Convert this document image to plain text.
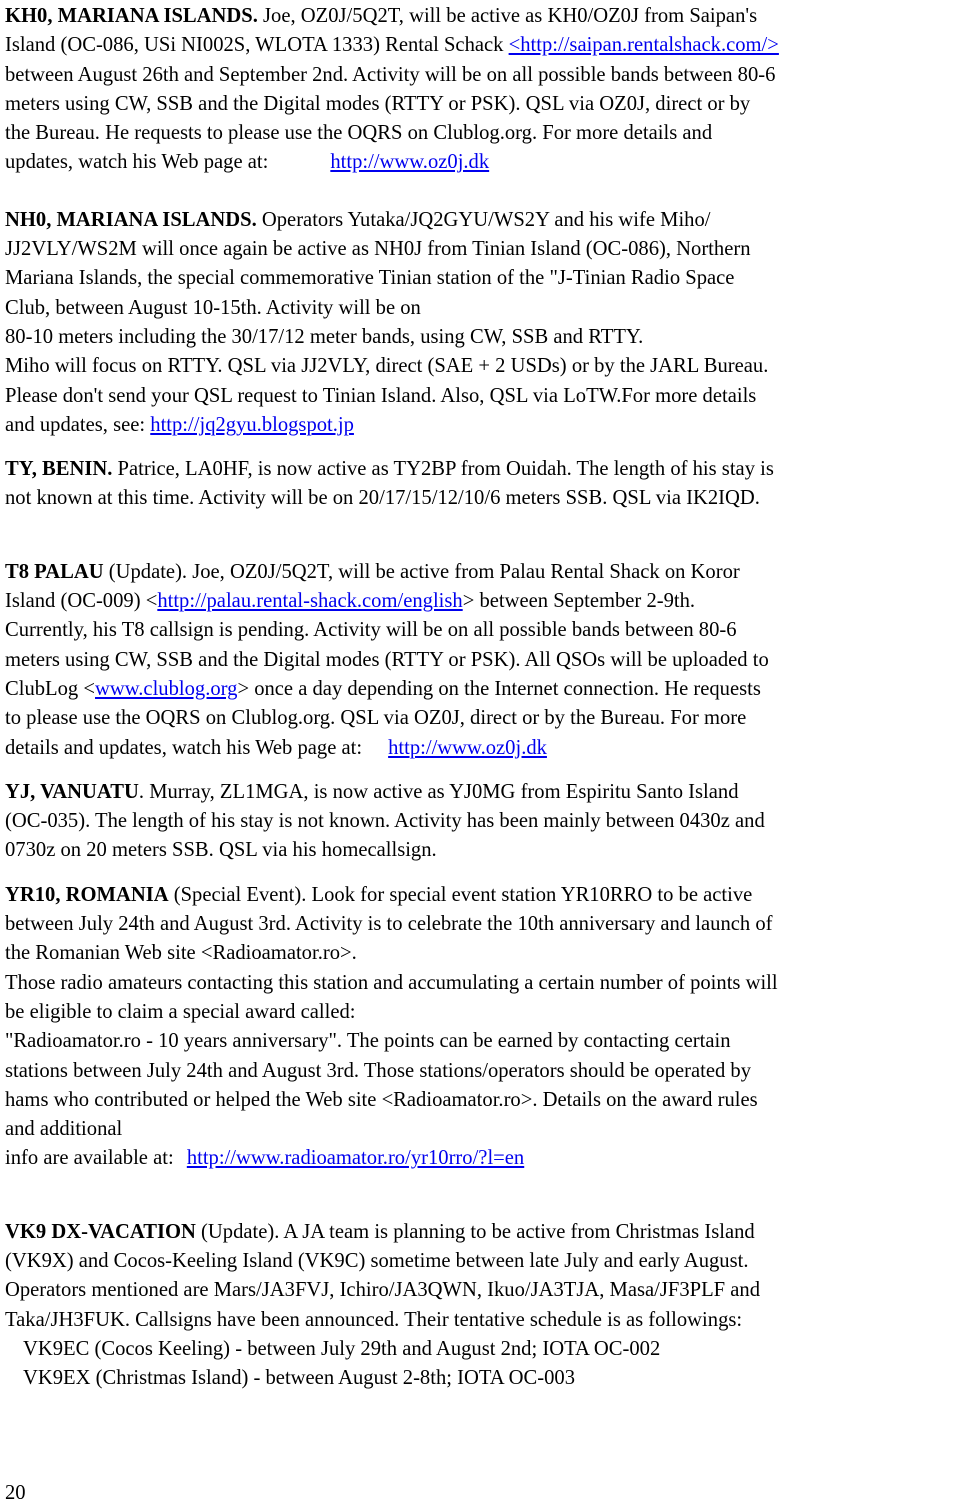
KH0, MARIANA ISLANDS. Joe, OZ0J/5Q2T, will be active as KH0/OZ0J from Saipan's
Island (OC-086, USi NI002S, WLOTA 1333) Rental Schack <http://saipan.rentalshack.com/>
between August 26th and September 2nd. Activity will be on all possible bands between 80-6
meters using CW, SSB and the Digital modes (RTTY or PSK). QSL via OZ0J, direct or by
the Bureau. He requests to please use the OQRS on Clublog.org. For more details and
updates, watch his Web page at:	http://www.oz0j.dk
NH0, MARIANA ISLANDS. Operators Yutaka/JQ2GYU/WS2Y and his wife Miho/
JJ2VLY/WS2M will once again be active as NH0J from Tinian Island (OC-086), Northern
Mariana Islands, the special commemorative Tinian station of the "J-Tinian Radio Space
Club, between August 10-15th. Activity will be on
80-10 meters including the 30/17/12 meter bands, using CW, SSB and RTTY.
Miho will focus on RTTY. QSL via JJ2VLY, direct (SAE + 2 USDs) or by the JARL Bureau.
Please don't send your QSL request to Tinian Island. Also, QSL via LoTW.For more details
and updates, see: http://jq2gyu.blogspot.jp
TY, BENIN. Patrice, LA0HF, is now active as TY2BP from Ouidah. The length of his stay is
not known at this time. Activity will be on 20/17/15/12/10/6 meters SSB. QSL via IK2IQD.
T8 PALAU (Update). Joe, OZ0J/5Q2T, will be active from Palau Rental Shack on Koror
Island (OC-009) <http://palau.rental-shack.com/english> between September 2-9th.
Currently, his T8 callsign is pending. Activity will be on all possible bands between 80-6
meters using CW, SSB and the Digital modes (RTTY or PSK). All QSOs will be uploaded to
ClubLog <www.clublog.org> once a day depending on the Internet connection. He requests
to please use the OQRS on Clublog.org. QSL via OZ0J, direct or by the Bureau. For more
details and updates, watch his Web page at: http://www.oz0j.dk
YJ, VANUATU. Murray, ZL1MGA, is now active as YJ0MG from Espiritu Santo Island
(OC-035). The length of his stay is not known. Activity has been mainly between 0430z and
0730z on 20 meters SSB. QSL via his homecallsign.
YR10, ROMANIA (Special Event). Look for special event station YR10RRO to be active
between July 24th and August 3rd. Activity is to celebrate the 10th anniversary and launch of
the Romanian Web site <Radioamator.ro>.
Those radio amateurs contacting this station and accumulating a certain number of points will
be eligible to claim a special award called:
"Radioamator.ro - 10 years anniversary". The points can be earned by contacting certain
stations between July 24th and August 3rd. Those stations/operators should be operated by
hams who contributed or helped the Web site <Radioamator.ro>. Details on the award rules
and additional
info are available at: http://www.radioamator.ro/yr10rro/?l=en
VK9 DX-VACATION (Update). A JA team is planning to be active from Christmas Island
(VK9X) and Cocos-Keeling Island (VK9C) sometime between late July and early August.
Operators mentioned are Mars/JA3FVJ, Ichiro/JA3QWN, Ikuo/JA3TJA, Masa/JF3PLF and
Taka/JH3FUK. Callsigns have been announced. Their tentative schedule is as followings:
VK9EC (Cocos Keeling) - between July 29th and August 2nd; IOTA OC-002
VK9EX (Christmas Island) - between August 2-8th; IOTA OC-003
20
